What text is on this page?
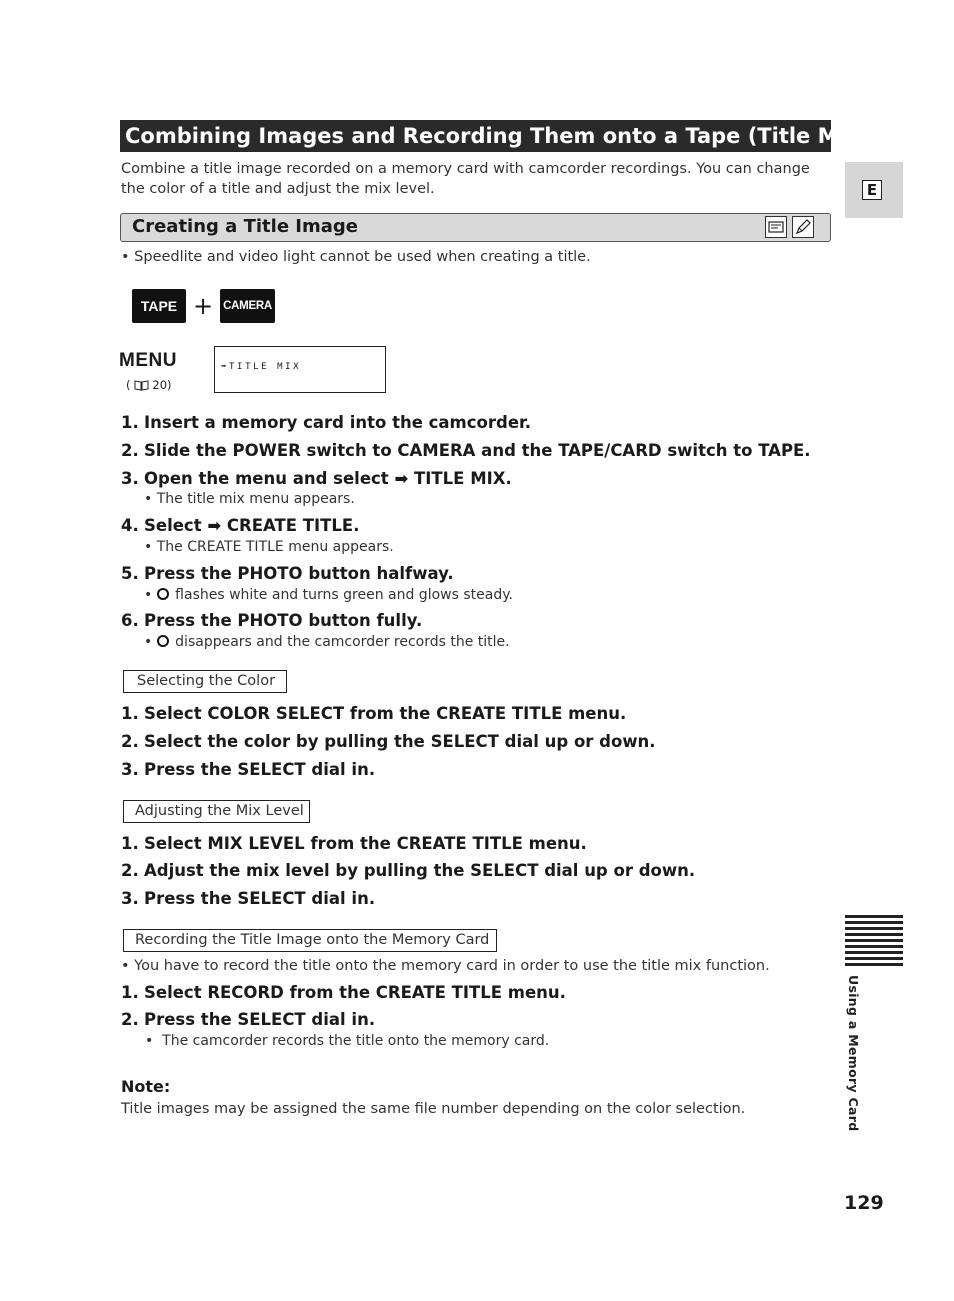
Combining Images and Recording Them onto a Tape (Title Mix)
Combine a title image recorded on a memory card with camcorder recordings. You can change the color of a title and adjust the mix level.	E
Creating a Title Image
• Speedlite and video light cannot be used when creating a title.
TAPE + CAMERA
MENU
(      20)
➡TITLE MIX
1. Insert a memory card into the camcorder.
2. Slide the POWER switch to CAMERA and the TAPE/CARD switch to TAPE.
3. Open the menu and select ➡ TITLE MIX.
• The title mix menu appears.
4. Select ➡ CREATE TITLE.
• The CREATE TITLE menu appears.
5. Press the PHOTO button halfway.
• flashes white and turns green and glows steady.
6. Press the PHOTO button fully.
• disappears and the camcorder records the title.
Selecting the Color
1. Select COLOR SELECT from the CREATE TITLE menu.
2. Select the color by pulling the SELECT dial up or down.
3. Press the SELECT dial in.
Adjusting the Mix Level
1. Select MIX LEVEL from the CREATE TITLE menu.
2. Adjust the mix level by pulling the SELECT dial up or down.
3. Press the SELECT dial in.
Recording the Title Image onto the Memory Card
• You have to record the title onto the memory card in order to use the title mix function.
1. Select RECORD from the CREATE TITLE menu.
2. Press the SELECT dial in.
•  The camcorder records the title onto the memory card.
Note:
Title images may be assigned the same file number depending on the color selection.	Using a Memory Card
129
